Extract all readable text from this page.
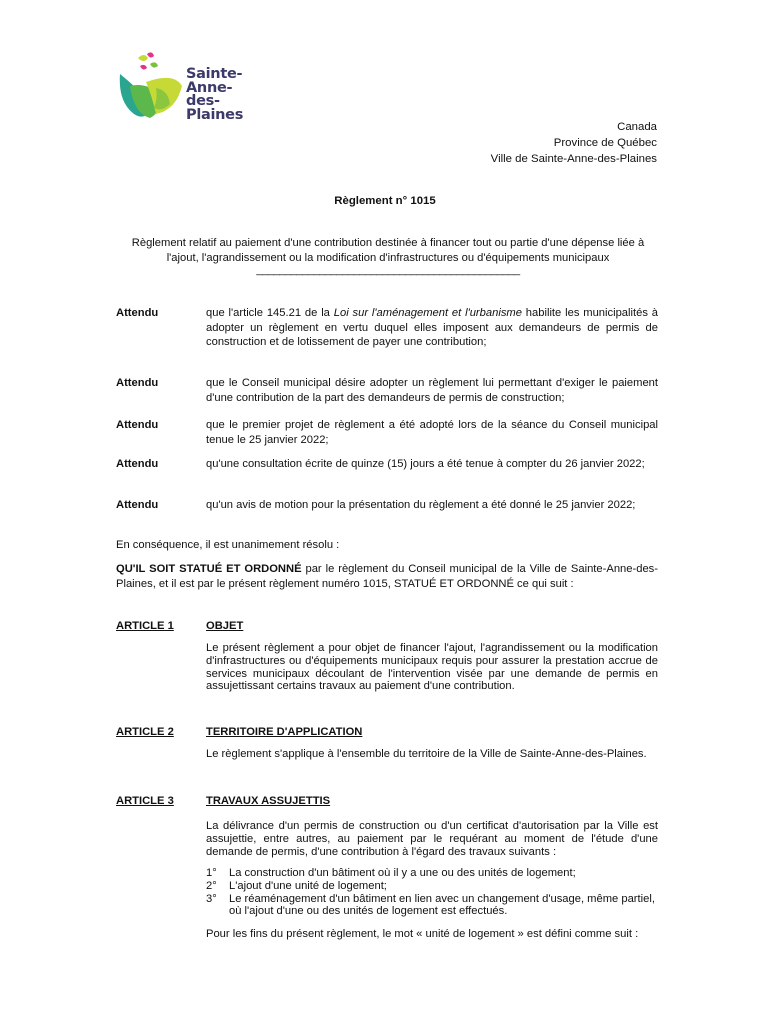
Sainte-
Anne-
des-
Plaines
Canada
Province de Québec
Ville de Sainte-Anne-des-Plaines
Règlement n° 1015
Règlement relatif au paiement d'une contribution destinée à financer tout ou partie d'une dépense liée à l'ajout, l'agrandissement ou la modification d'infrastructures ou d'équipements municipaux
______________________________________________
Attendu	que l'article 145.21 de la Loi sur l'aménagement et l'urbanisme habilite les municipalités à adopter un règlement en vertu duquel elles imposent aux demandeurs de permis de construction et de lotissement de payer une contribution;
Attendu	que le Conseil municipal désire adopter un règlement lui permettant d'exiger le paiement d'une contribution de la part des demandeurs de permis de construction;
Attendu	que le premier projet de règlement a été adopté lors de la séance du Conseil municipal tenue le 25 janvier 2022;
Attendu	qu'une consultation écrite de quinze (15) jours a été tenue à compter du 26 janvier 2022;
Attendu	qu'un avis de motion pour la présentation du règlement a été donné le 25 janvier 2022;
En conséquence, il est unanimement résolu :
QU'IL SOIT STATUÉ ET ORDONNÉ par le règlement du Conseil municipal de la Ville de Sainte-Anne-des-Plaines, et il est par le présent règlement numéro 1015, STATUÉ ET ORDONNÉ ce qui suit :
ARTICLE 1	OBJET
Le présent règlement a pour objet de financer l'ajout, l'agrandissement ou la modification d'infrastructures ou d'équipements municipaux requis pour assurer la prestation accrue de services municipaux découlant de l'intervention visée par une demande de permis en assujettissant certains travaux au paiement d'une contribution.
ARTICLE 2	TERRITOIRE D'APPLICATION
Le règlement s'applique à l'ensemble du territoire de la Ville de Sainte-Anne-des-Plaines.
ARTICLE 3	TRAVAUX ASSUJETTIS
La délivrance d'un permis de construction ou d'un certificat d'autorisation par la Ville est assujettie, entre autres, au paiement par le requérant au moment de l'étude d'une demande de permis, d'une contribution à l'égard des travaux suivants :
1° La construction d'un bâtiment où il y a une ou des unités de logement;
2° L'ajout d'une unité de logement;
3° Le réaménagement d'un bâtiment en lien avec un changement d'usage, même partiel, où l'ajout d'une ou des unités de logement est effectués.
Pour les fins du présent règlement, le mot « unité de logement » est défini comme suit :
